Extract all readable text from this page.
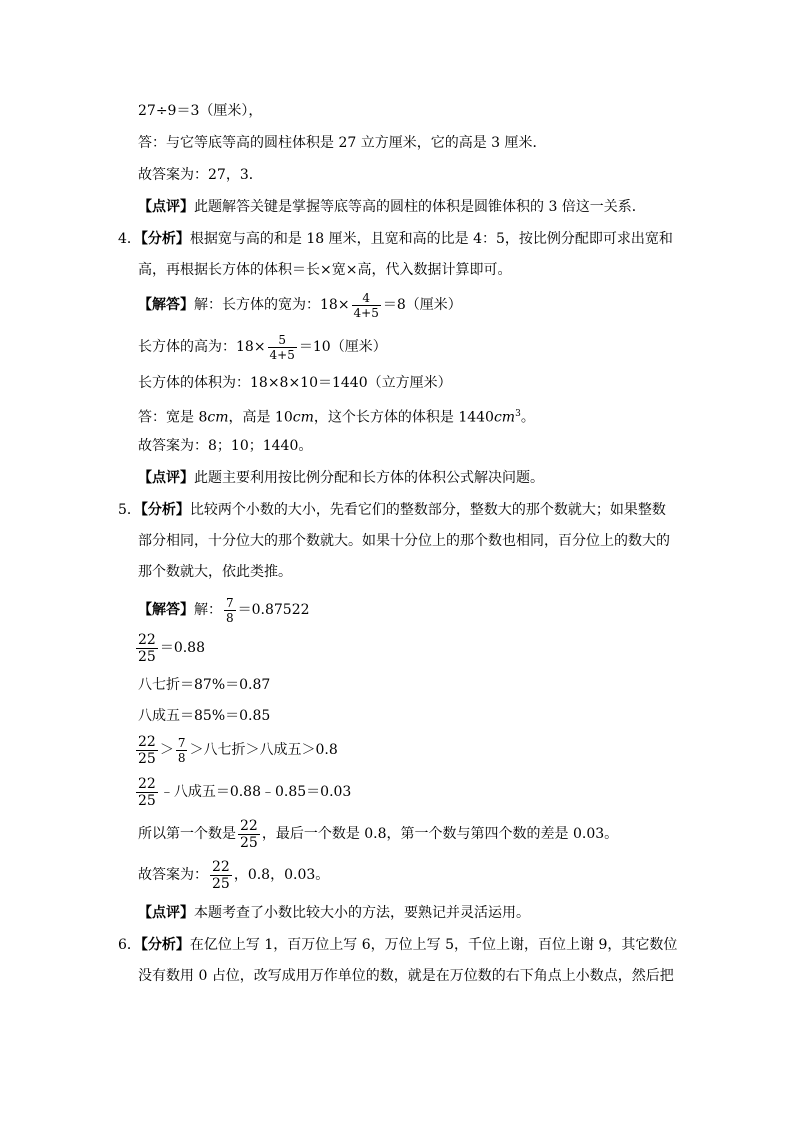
27÷9＝3（厘米），
答：与它等底等高的圆柱体积是 27 立方厘米，它的高是 3 厘米．
故答案为：27，3．
【点评】此题解答关键是掌握等底等高的圆柱的体积是圆锥体积的 3 倍这一关系．
4．【分析】根据宽与高的和是 18 厘米，且宽和高的比是 4：5，按比例分配即可求出宽和
高，再根据长方体的体积＝长×宽×高，代入数据计算即可。
【解答】解：长方体的宽为：$18\times \frac{4}{4+5} =8$（厘米）
长方体的高为：$18\times \frac{5}{4+5} =10$（厘米）
长方体的体积为：18×8×10＝1440（立方厘米）
答：宽是 8cm，高是 10cm，这个长方体的体积是 $1440cm^3$。
故答案为：8；10；1440。
【点评】此题主要利用按比例分配和长方体的体积公式解决问题。
5．【分析】比较两个小数的大小，先看它们的整数部分，整数大的那个数就大；如果整数
部分相同，十分位大的那个数就大。如果十分位上的那个数也相同，百分位上的数大的
那个数就大，依此类推。
【解答】解： $\frac{7}{8} =0.87522$
$\frac{22}{25} =0.88$
八七折＝87%＝0.87
八成五＝85%＝0.85
$\frac{22}{25} > \frac{7}{8}$ ＞八七折＞八成五＞0.8
$\frac{22}{25}$ ﹣八成五＝0.88﹣0.85＝0.03
所以第一个数是 $\frac{22}{25}$ ，最后一个数是 0.8，第一个数与第四个数的差是 0.03。
故答案为： $\frac{22}{25}$ ，0.8，0.03。
【点评】本题考查了小数比较大小的方法，要熟记并灵活运用。
6．【分析】在亿位上写 1，百万位上写 6，万位上写 5，千位上谢，百位上谢 9，其它数位
没有数用 0 占位，改写成用万作单位的数，就是在万位数的右下角点上小数点，然后把
